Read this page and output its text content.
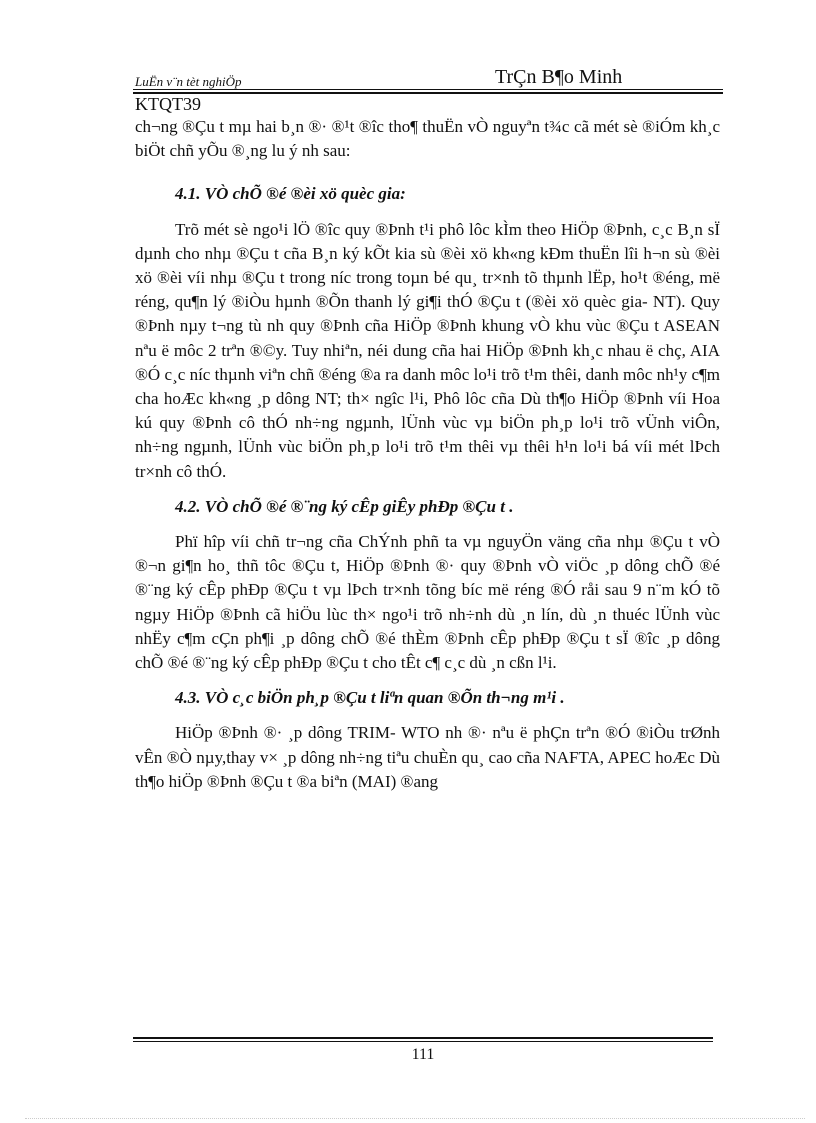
LuËn v¨n tèt nghiÖp	TrÇn B¶o Minh
KTQT39

ch¬ng ®Çu t mµ hai b¸n ®· ®¹t ®îc tho¶ thuËn vÒ nguyªn t¾c cã mét sè ®iÓm kh¸c biÖt chñ yÕu ®¸ng lu ý nh sau:

4.1. VÒ chÕ ®é ®èi xö quèc gia:

Trõ mét sè ngo¹i lÖ ®îc quy ®Þnh t¹i phô lôc kÌm theo HiÖp ®Þnh, c¸c B¸n sÏ dµnh cho nhµ ®Çu t cña B¸n ký kÕt kia sù ®èi xö kh«ng kÐm thuËn lîi h¬n sù ®èi xö ®èi víi nhµ ®Çu t trong níc trong toµn bé qu¸ tr×nh tõ thµnh lËp, ho¹t ®éng, më réng, qu¶n lý ®iÒu hµnh ®Õn thanh lý gi¶i thÓ ®Çu t (®èi xö quèc gia- NT). Quy ®Þnh nµy t¬ng tù nh quy ®Þnh cña HiÖp ®Þnh khung vÒ khu vùc ®Çu t ASEAN nªu ë môc 2 trªn ®©y. Tuy nhiªn, néi dung cña hai HiÖp ®Þnh kh¸c nhau ë chç, AIA ®Ó c¸c níc thµnh viªn chñ ®éng ®a ra danh môc lo¹i trõ t¹m thêi, danh môc nh¹y c¶m cha hoÆc kh«ng ¸p dông NT; th× ngîc l¹i, Phô lôc cña Dù th¶o HiÖp ®Þnh víi Hoa kú quy ®Þnh cô thÓ nh÷ng ngµnh, lÜnh vùc vµ biÖn ph¸p lo¹i trõ vÜnh viÔn, nh÷ng ngµnh, lÜnh vùc biÖn ph¸p lo¹i trõ t¹m thêi vµ thêi h¹n lo¹i bá víi mét lÞch tr×nh cô thÓ.

4.2. VÒ chÕ ®é ®¨ng ký cÊp giÊy phÐp ®Çu t .

Phï hîp víi chñ tr¬ng cña ChÝnh phñ ta vµ nguyÖn väng cña nhµ ®Çu t vÒ ®¬n gi¶n ho¸ thñ tôc ®Çu t, HiÖp ®Þnh ®· quy ®Þnh vÒ viÖc ¸p dông chÕ ®é ®¨ng ký cÊp phÐp ®Çu t vµ lÞch tr×nh tõng bíc më réng ®Ó råi sau 9 n¨m kÓ tõ ngµy HiÖp ®Þnh cã hiÖu lùc th× ngo¹i trõ nh÷nh dù ¸n lín, dù ¸n thuéc lÜnh vùc nhËy c¶m cÇn ph¶i ¸p dông chÕ ®é thÈm ®Þnh cÊp phÐp ®Çu t sÏ ®îc ¸p dông chÕ ®é ®¨ng ký cÊp phÐp ®Çu t cho tÊt c¶ c¸c dù ¸n cßn l¹i.

4.3. VÒ c¸c biÖn ph¸p ®Çu t liªn quan ®Õn th¬ng m¹i .

HiÖp ®Þnh ®· ¸p dông TRIM- WTO nh ®· nªu ë phÇn trªn ®Ó ®iÒu trØnh vÊn ®Ò nµy,thay v× ¸p dông nh÷ng tiªu chuÈn qu¸ cao cña NAFTA, APEC hoÆc Dù th¶o hiÖp ®Þnh ®Çu t ®a biªn (MAI) ®ang

111
